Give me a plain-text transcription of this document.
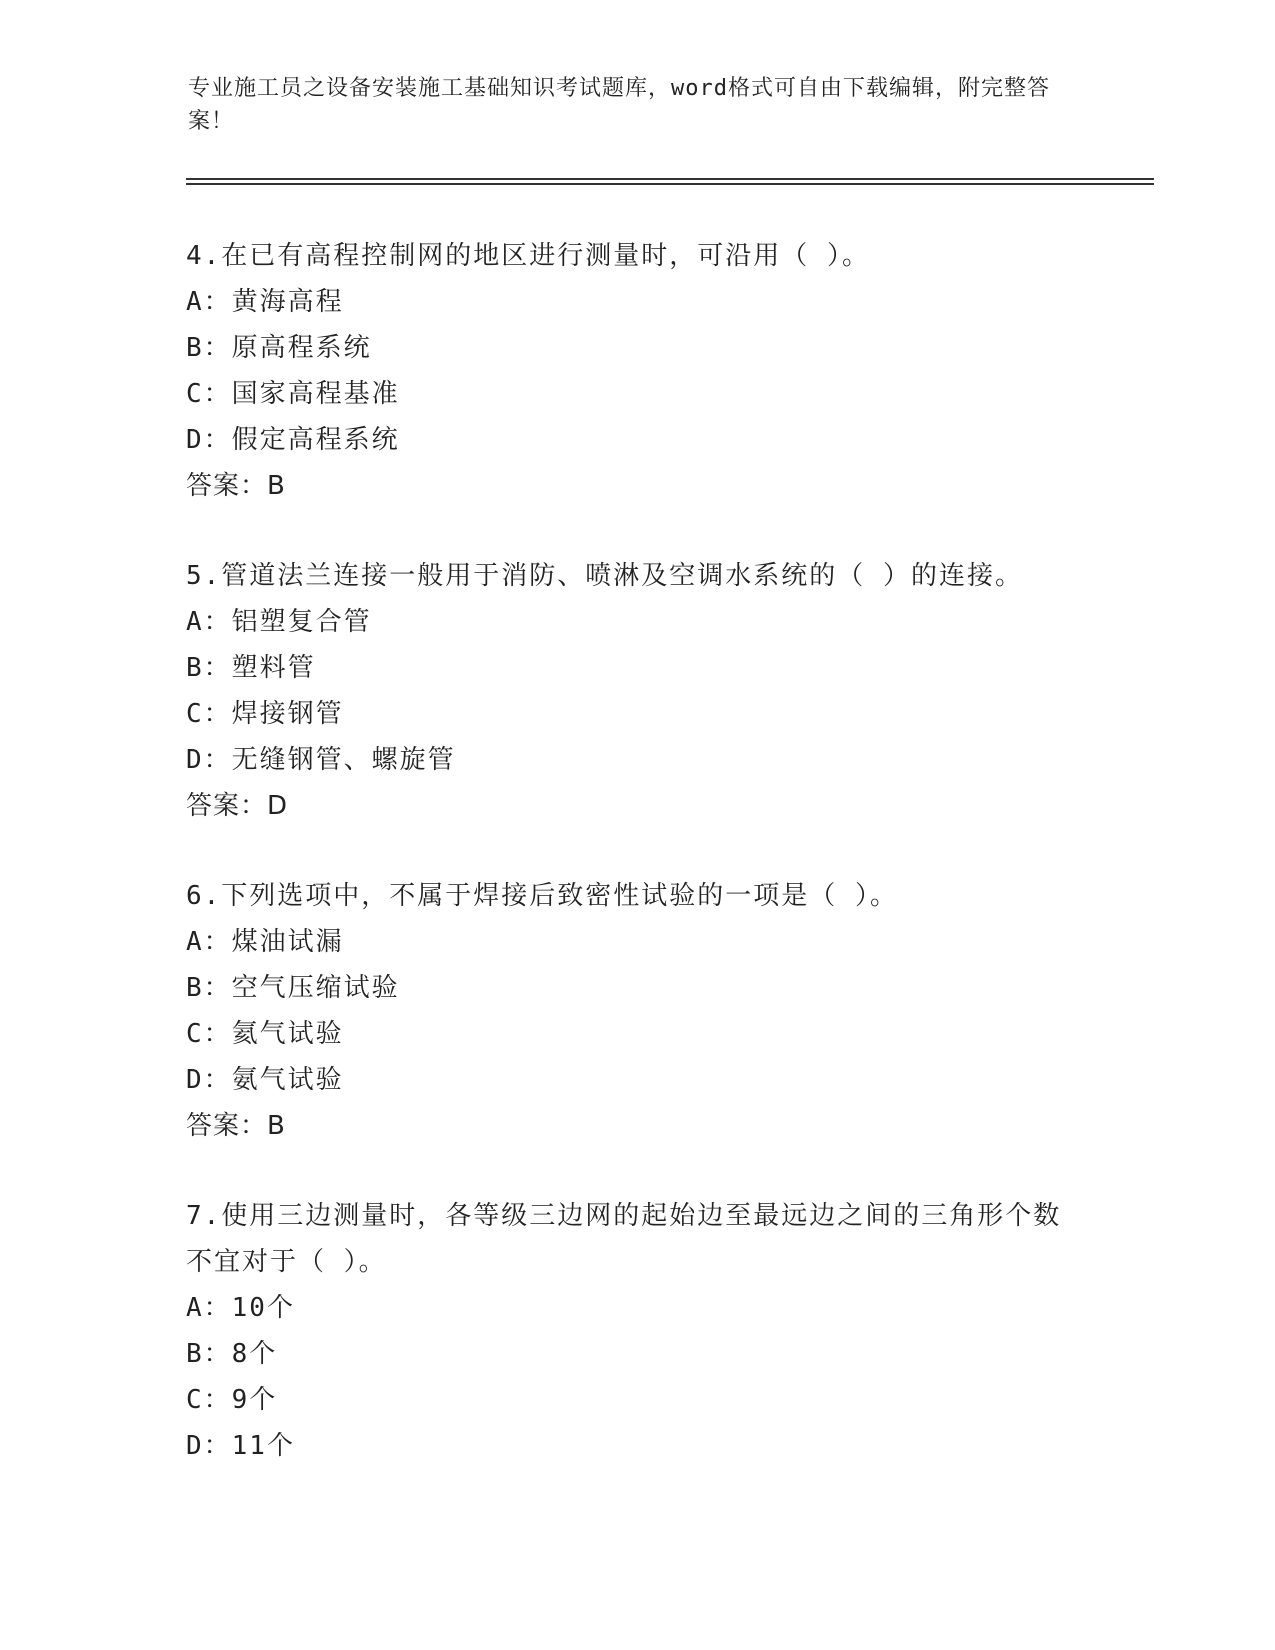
专业施工员之设备安装施工基础知识考试题库，word格式可自由下载编辑，附完整答案！
4.在已有高程控制网的地区进行测量时，可沿用（ ）。
A：黄海高程
B：原高程系统
C：国家高程基准
D：假定高程系统
答案：B
5.管道法兰连接一般用于消防、喷淋及空调水系统的（ ）的连接。
A：铝塑复合管
B：塑料管
C：焊接钢管
D：无缝钢管、螺旋管
答案：D
6.下列选项中，不属于焊接后致密性试验的一项是（ ）。
A：煤油试漏
B：空气压缩试验
C：氦气试验
D：氨气试验
答案：B
7.使用三边测量时，各等级三边网的起始边至最远边之间的三角形个数不宜对于（ ）。
A：10个
B：8个
C：9个
D：11个
